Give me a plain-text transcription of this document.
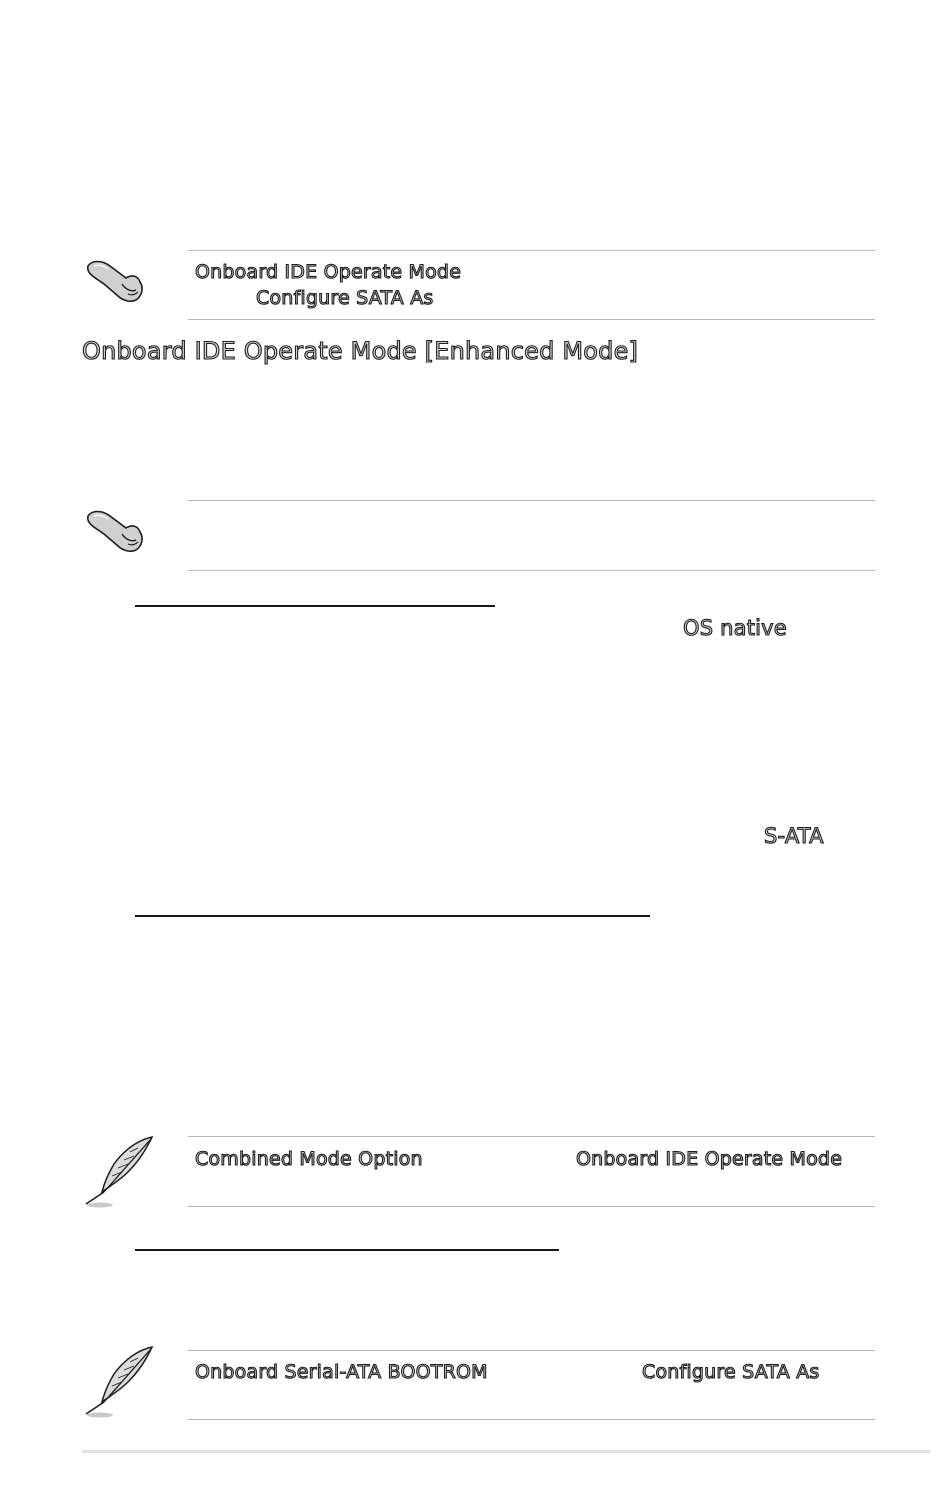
Onboard IDE Operate Mode
Configure SATA As
Onboard IDE Operate Mode [Enhanced Mode]
OS native
S-ATA
Combined Mode Option	Onboard IDE Operate Mode
Onboard Serial-ATA BOOTROM	Configure SATA As
